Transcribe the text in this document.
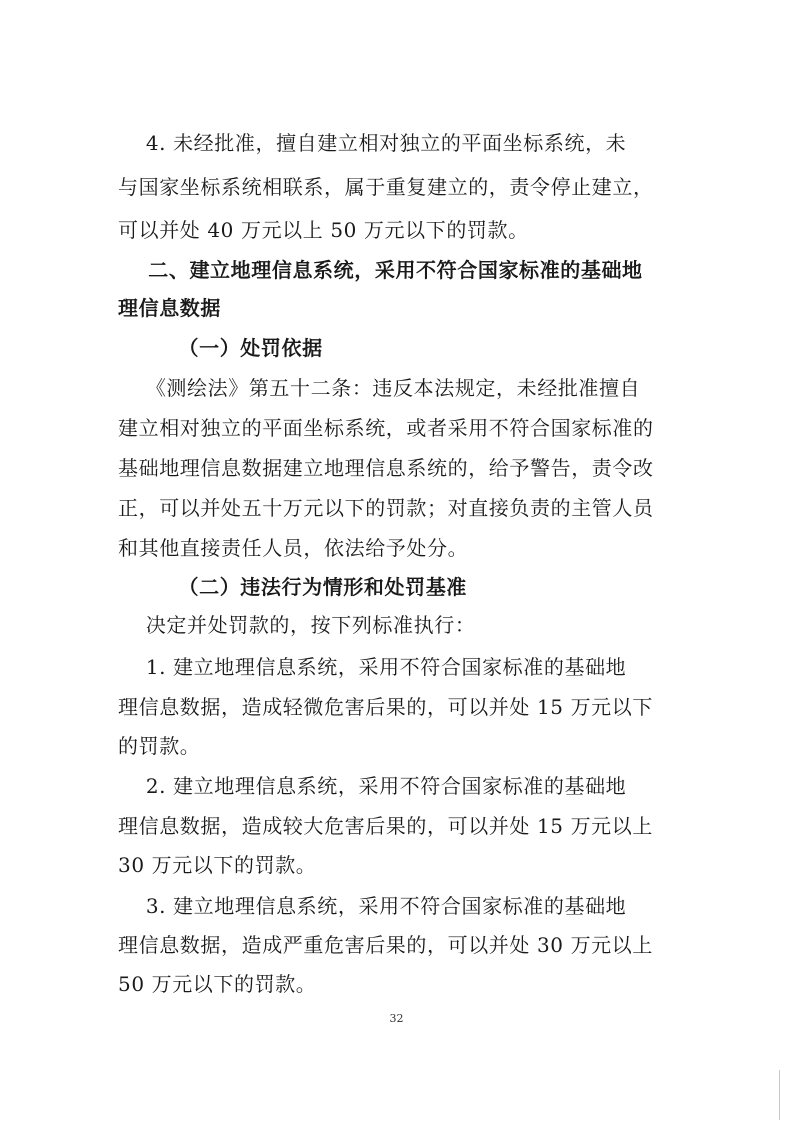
4. 未经批准，擅自建立相对独立的平面坐标系统，未
与国家坐标系统相联系，属于重复建立的，责令停止建立，
可以并处 40 万元以上 50 万元以下的罚款。
二、建立地理信息系统，采用不符合国家标准的基础地
理信息数据
（一）处罚依据
《测绘法》第五十二条：违反本法规定，未经批准擅自
建立相对独立的平面坐标系统，或者采用不符合国家标准的
基础地理信息数据建立地理信息系统的，给予警告，责令改
正，可以并处五十万元以下的罚款；对直接负责的主管人员
和其他直接责任人员，依法给予处分。
（二）违法行为情形和处罚基准
决定并处罚款的，按下列标准执行：
1. 建立地理信息系统，采用不符合国家标准的基础地
理信息数据，造成轻微危害后果的，可以并处 15 万元以下
的罚款。
2. 建立地理信息系统，采用不符合国家标准的基础地
理信息数据，造成较大危害后果的，可以并处 15 万元以上
30 万元以下的罚款。
3. 建立地理信息系统，采用不符合国家标准的基础地
理信息数据，造成严重危害后果的，可以并处 30 万元以上
50 万元以下的罚款。
32
